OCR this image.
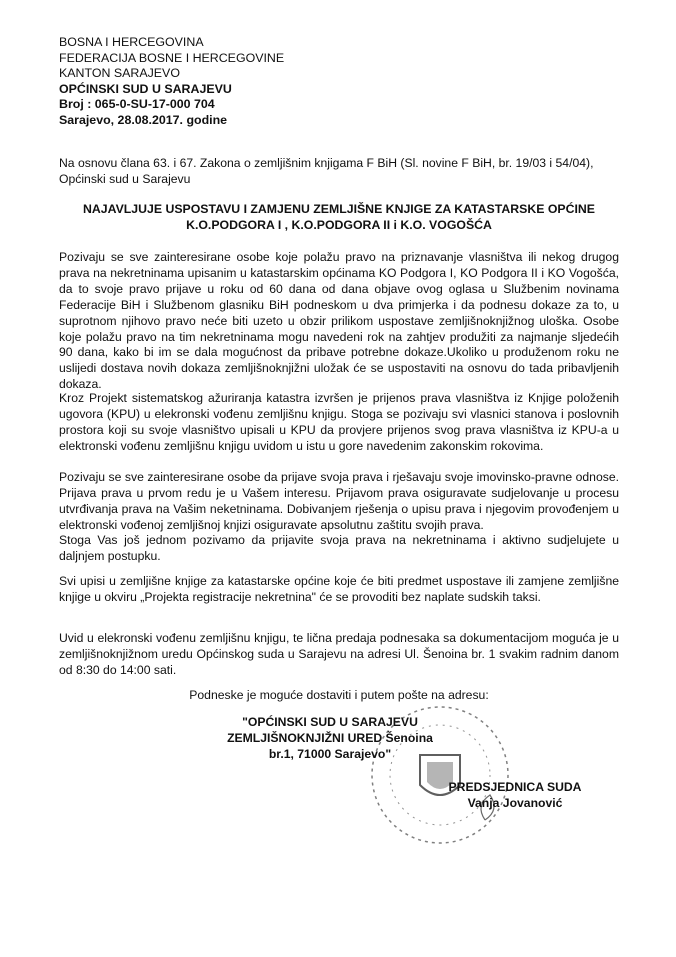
BOSNA I HERCEGOVINA
FEDERACIJA BOSNE I HERCEGOVINE
KANTON SARAJEVO
OPĆINSKI SUD U SARAJEVU
Broj : 065-0-SU-17-000 704
Sarajevo, 28.08.2017. godine
Na osnovu člana 63. i 67. Zakona o zemljišnim knjigama F BiH (Sl. novine F BiH, br. 19/03 i 54/04), Općinski sud u Sarajevu
NAJAVLJUJE USPOSTAVU I ZAMJENU ZEMLJIŠNE KNJIGE ZA KATASTARSKE OPĆINE
K.O.PODGORA I , K.O.PODGORA II i K.O. VOGOŠĆA
Pozivaju se sve zainteresirane osobe koje polažu pravo na priznavanje vlasništva ili nekog drugog prava na nekretninama upisanim u katastarskim općinama KO Podgora I, KO Podgora II i KO Vogošća, da to svoje pravo prijave u roku od 60 dana od dana objave ovog oglasa u Službenim novinama Federacije BiH i Službenom glasniku BiH podneskom u dva primjerka i da podnesu dokaze za to, u suprotnom njihovo pravo neće biti uzeto u obzir prilikom uspostave zemljišnoknjižnog uloška. Osobe koje polažu pravo na tim nekretninama mogu navedeni rok na zahtjev produžiti za najmanje sljedećih 90 dana, kako bi im se dala mogućnost da pribave potrebne dokaze.Ukoliko u produženom roku ne uslijedi dostava novih dokaza zemljišnoknjižni uložak će se uspostaviti na osnovu do tada pribavljenih dokaza.
Kroz Projekt sistematskog ažuriranja katastra izvršen je prijenos prava vlasništva iz Knjige položenih ugovora (KPU) u elekronski vođenu zemljišnu knjigu. Stoga se pozivaju svi vlasnici stanova i poslovnih prostora koji su svoje vlasništvo upisali u KPU da provjere prijenos svog prava vlasništva iz KPU-a u elektronski vođenu zemljišnu knjigu uvidom u istu u gore navedenim zakonskim rokovima.
Pozivaju se sve zainteresirane osobe da prijave svoja prava i rješavaju svoje imovinsko-pravne odnose. Prijava prava u prvom redu je u Vašem interesu. Prijavom prava osiguravate sudjelovanje u procesu utvrđivanja prava na Vašim neketninama. Dobivanjem rješenja o upisu prava i njegovim provođenjem u elektronski vođenoj zemljišnoj knjizi osiguravate apsolutnu zaštitu svojih prava.
Stoga Vas još jednom pozivamo da prijavite svoja prava na nekretninama i aktivno sudjelujete u daljnjem postupku.
Svi upisi u zemljišne knjige za katastarske općine koje će biti predmet uspostave ili zamjene zemljišne knjige u okviru „Projekta registracije nekretnina" će se provoditi bez naplate sudskih taksi.
Uvid u elekronski vođenu zemljišnu knjigu, te lična predaja podnesaka sa dokumentacijom moguća je u zemljišnoknjižnom uredu Općinskog suda u Sarajevu na adresi Ul. Šenoina br. 1 svakim radnim danom od 8:30 do 14:00 sati.
Podneske je moguće dostaviti i putem pošte na adresu:
"OPĆINSKI SUD U SARAJEVU
ZEMLJIŠNOKNJIŽNI URED Šenoina
br.1, 71000 Sarajevo"
PREDSJEDNICA SUDA
Vanja Jovanović
